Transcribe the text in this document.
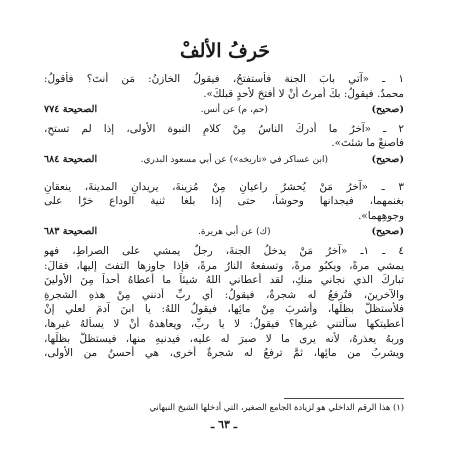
حَرفُ الألفْ
١ ـ «آتي بابَ الجنة فأستفتحُ، فيقولُ الخازنُ: مَن أنتَ؟ فأقولُ:
محمدٌ. فيقولُ: بكَ أُمرتُ أنْ لا أفتحَ لأحدٍ قبلكَ».
(صحيح)
(حم، م) عن أنس.
الصحيحة ٧٧٤
٢ ـ «آخرُ ما أدركَ الناسُ مِنْ كلامِ النبوة الأولى، إذا لم تستحِ،
فاصنعْ ما شئتَ».
(صحيح)
(ابن عساكر في «تاريخه») عن أبي مسعود البدري.
الصحيحة ٦٨٤
٣ ـ «آخرُ مَنْ يُحشرُ راعيانِ مِنْ مُزينةَ، يريدانِ المدينةَ، ينعقانِ
بغنمهما، فيجدانها وحوشاً، حتى إذا بلغا ثنية الوداع خرّا على
وجوهِهما».
(صحيح)
(ك) عن أبي هريرة.
الصحيحة ٦٨٣
٤ ـ ١ـ «آخرُ مَنْ يدخلُ الجنةَ، رجلٌ يمشي على الصراطِ، فهو
يمشي مرةً، ويكبُو مرةً، وتسفعهُ النارُ مرةً، فإذا جاوزها التفتَ إليها، فقالَ:
تباركَ الذي نجاني منكِ، لقد أعطاني اللهُ شيئاً ما أعطاهُ أحداً مِنَ الأولينَ
والآخرينَ، فتُرفعُ له شجرةٌ، فيقولُ: أي ربِّ أدنني مِنْ هذهِ الشجرةِ
فلأستظلَّ بظلِّها، وأشربَ مِنْ مائِها، فيقولُ اللهُ: يا ابنَ آدمَ لعلي إنْ
أعطيتكها سألتني غيرها؟ فيقولُ: لا يا ربِّ، ويعاهدهُ أنْ لا يسألهُ غيرها،
وربهُ يعذرهُ، لأنه يرى ما لا صبرَ له عليه، فيدنيهِ منها، فيستظلُّ بظلِّها،
ويشربُ من مائِها، ثمَّ ترفعُ له شجرةٌ أخرى، هي أحسنُ من الأولى،
(١) هذا الرقم الداخلي هو لزيادة الجامع الصغير، التي أدخلها الشيخ النبهاني
ـ ٦٣ ـ
